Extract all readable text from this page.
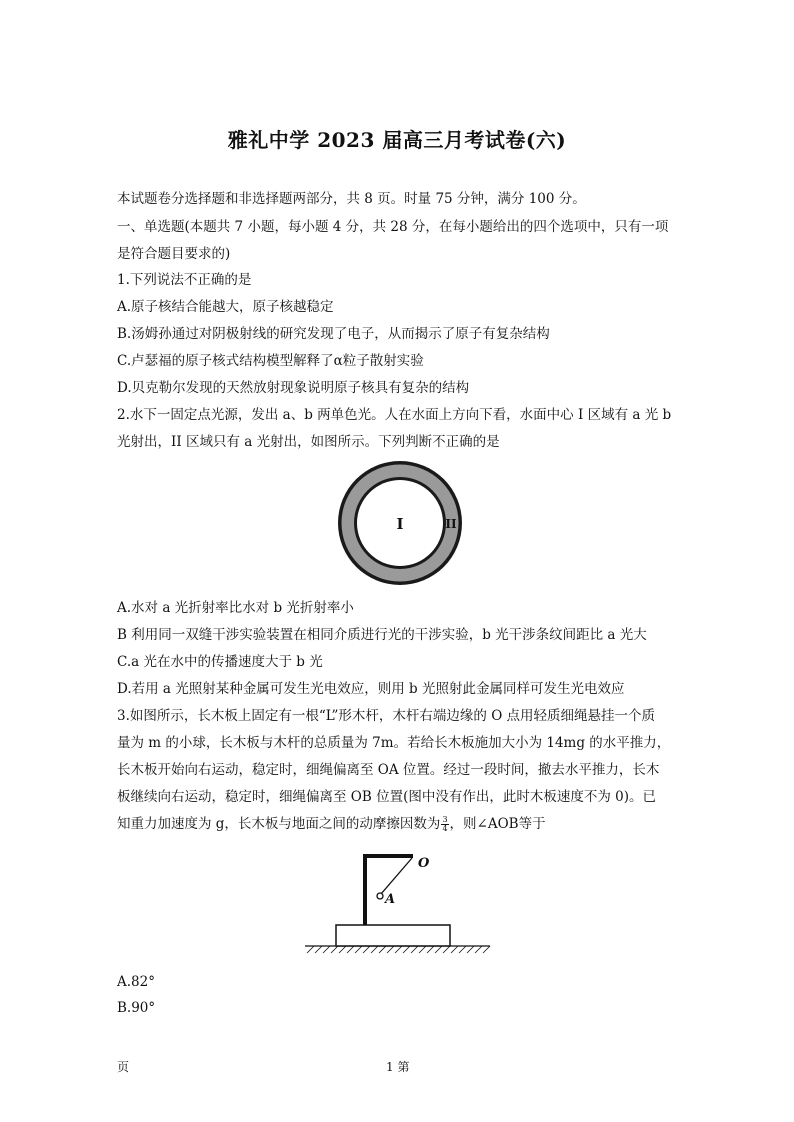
雅礼中学 2023 届高三月考试卷(六)
本试题卷分选择题和非选择题两部分，共 8 页。时量 75 分钟，满分 100 分。
一、单选题(本题共 7 小题，每小题 4 分，共 28 分，在每小题给出的四个选项中，只有一项
是符合题目要求的)
1.下列说法不正确的是
A.原子核结合能越大，原子核越稳定
B.汤姆孙通过对阴极射线的研究发现了电子，从而揭示了原子有复杂结构
C.卢瑟福的原子核式结构模型解释了α粒子散射实验
D.贝克勒尔发现的天然放射现象说明原子核具有复杂的结构
2.水下一固定点光源，发出 a、b 两单色光。人在水面上方向下看，水面中心 I 区域有 a 光 b
光射出，II 区域只有 a 光射出，如图所示。下列判断不正确的是
I	II
A.水对 a 光折射率比水对 b 光折射率小
B 利用同一双缝干涉实验装置在相同介质进行光的干涉实验，b 光干涉条纹间距比 a 光大
C.a 光在水中的传播速度大于 b 光
D.若用 a 光照射某种金属可发生光电效应，则用 b 光照射此金属同样可发生光电效应
3.如图所示，长木板上固定有一根“L”形木杆，木杆右端边缘的 O 点用轻质细绳悬挂一个质
量为 m 的小球，长木板与木杆的总质量为 7m。若给长木板施加大小为 14mg 的水平推力，
长木板开始向右运动，稳定时，细绳偏离至 OA 位置。经过一段时间，撤去水平推力，长木
板继续向右运动，稳定时，细绳偏离至 OB 位置(图中没有作出，此时木板速度不为 0)。已
知重力加速度为 g，长木板与地面之间的动摩擦因数为 $\frac{3}{4}$ ，则∠AOB等于
O
A
A.82°
B.90°
页	1 第
